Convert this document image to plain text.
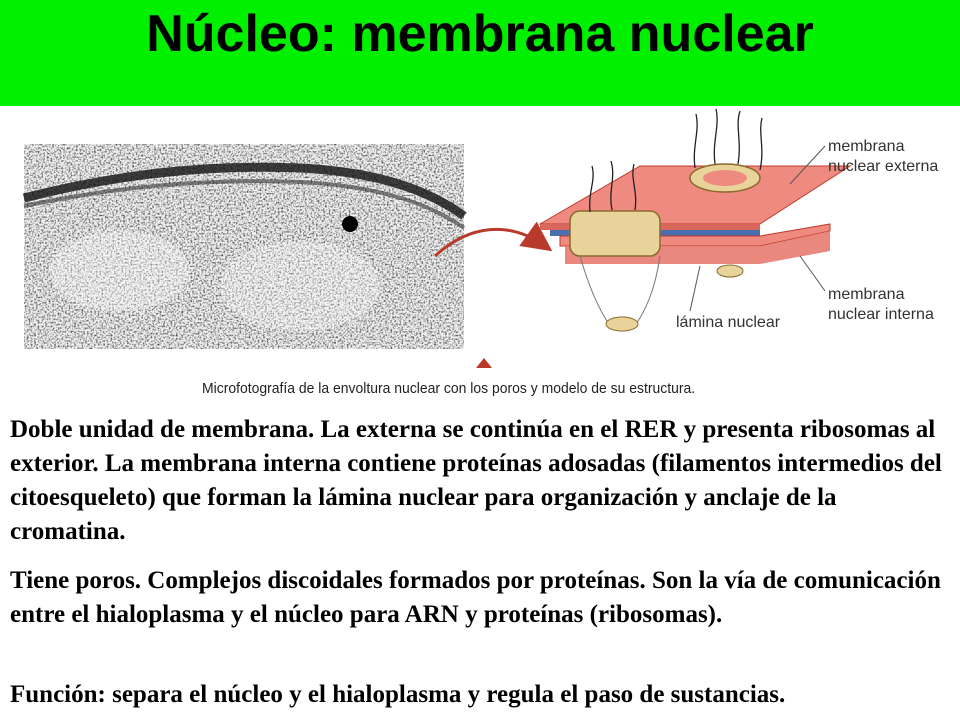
Núcleo: membrana nuclear
membrana
nuclear externa
membrana
nuclear interna
lámina nuclear
Microfotografía de la envoltura nuclear con los poros y modelo de su estructura.

Doble unidad de membrana. La externa se continúa en el RER y presenta ribosomas al exterior. La membrana interna contiene proteínas adosadas (filamentos intermedios del citoesqueleto) que forman la lámina nuclear para organización y anclaje de la cromatina.

Tiene poros. Complejos discoidales formados por proteínas. Son la vía de comunicación entre el hialoplasma y el núcleo para ARN y proteínas (ribosomas).

Función: separa el núcleo y el hialoplasma y regula el paso de sustancias.
